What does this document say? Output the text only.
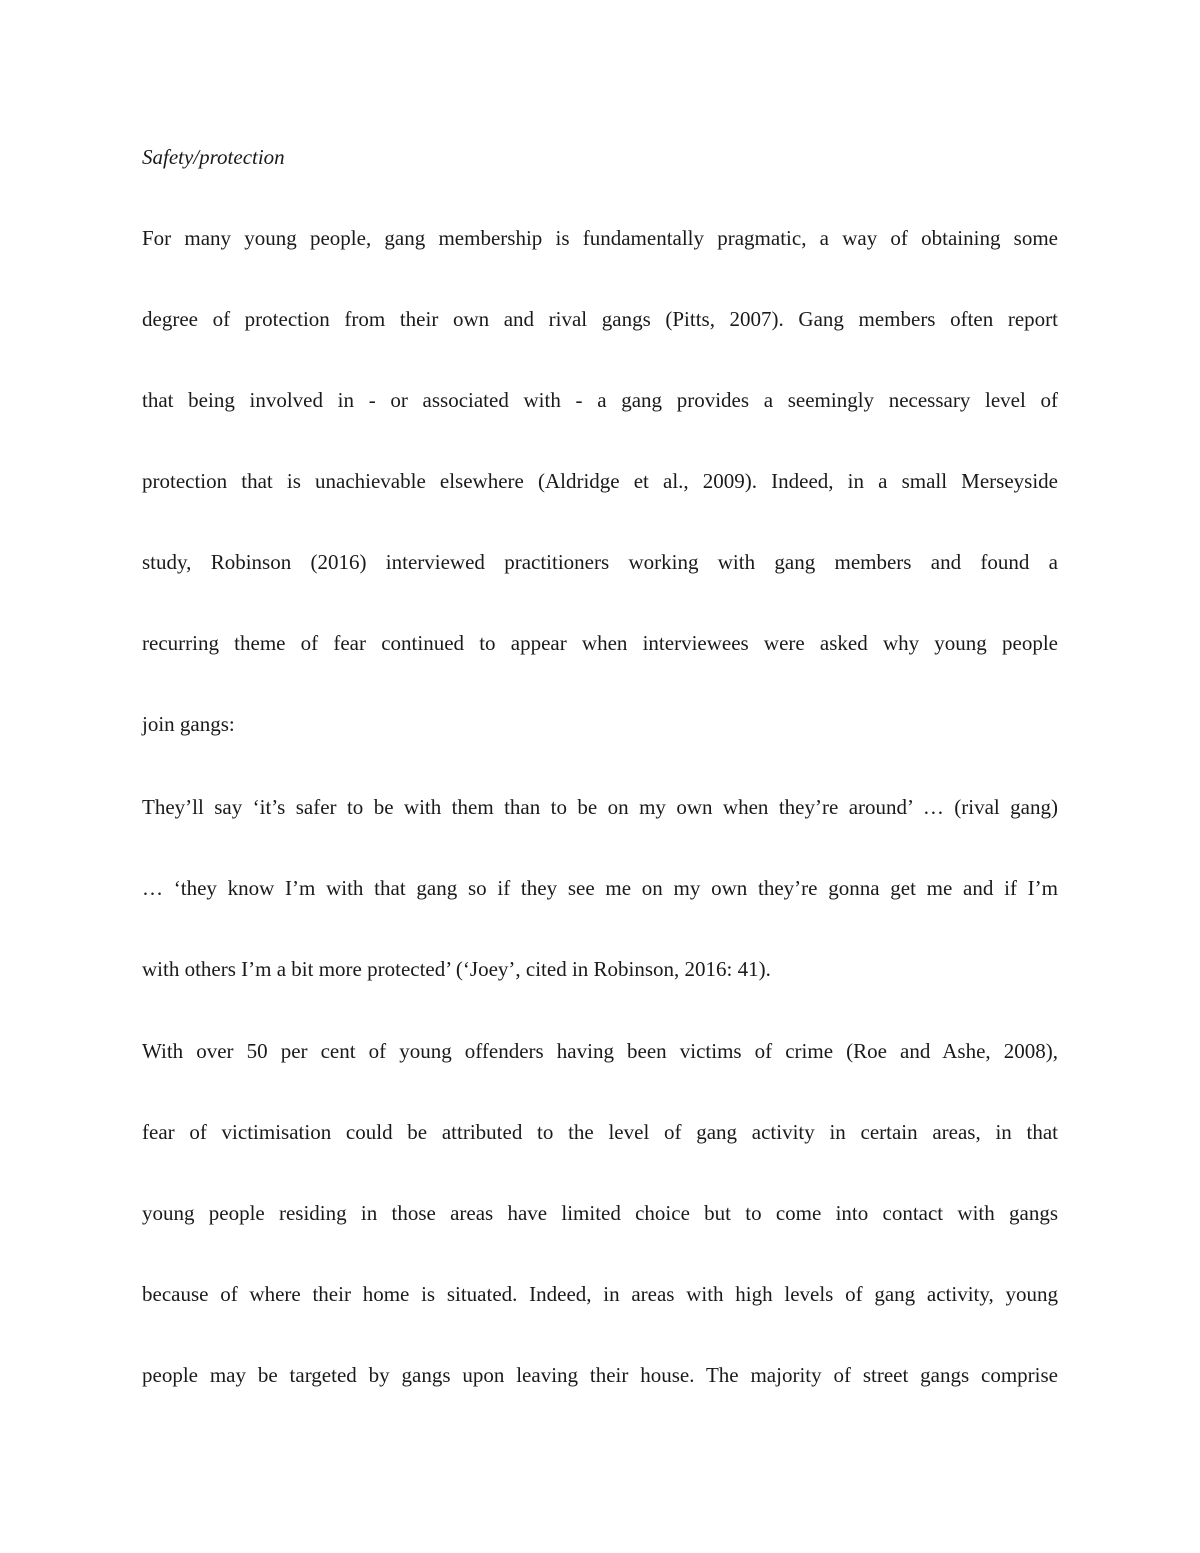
Safety/protection
For many young people, gang membership is fundamentally pragmatic, a way of obtaining some
degree of protection from their own and rival gangs (Pitts, 2007). Gang members often report
that being involved in - or associated with - a gang provides a seemingly necessary level of
protection that is unachievable elsewhere (Aldridge et al., 2009). Indeed, in a small Merseyside
study, Robinson (2016) interviewed practitioners working with gang members and found a
recurring theme of fear continued to appear when interviewees were asked why young people
join gangs:
They’ll say ‘it’s safer to be with them than to be on my own when they’re around’ … (rival gang)
… ‘they know I’m with that gang so if they see me on my own they’re gonna get me and if I’m
with others I’m a bit more protected’ (‘Joey’, cited in Robinson, 2016: 41).
With over 50 per cent of young offenders having been victims of crime (Roe and Ashe, 2008),
fear of victimisation could be attributed to the level of gang activity in certain areas, in that
young people residing in those areas have limited choice but to come into contact with gangs
because of where their home is situated. Indeed, in areas with high levels of gang activity, young
people may be targeted by gangs upon leaving their house. The majority of street gangs comprise
